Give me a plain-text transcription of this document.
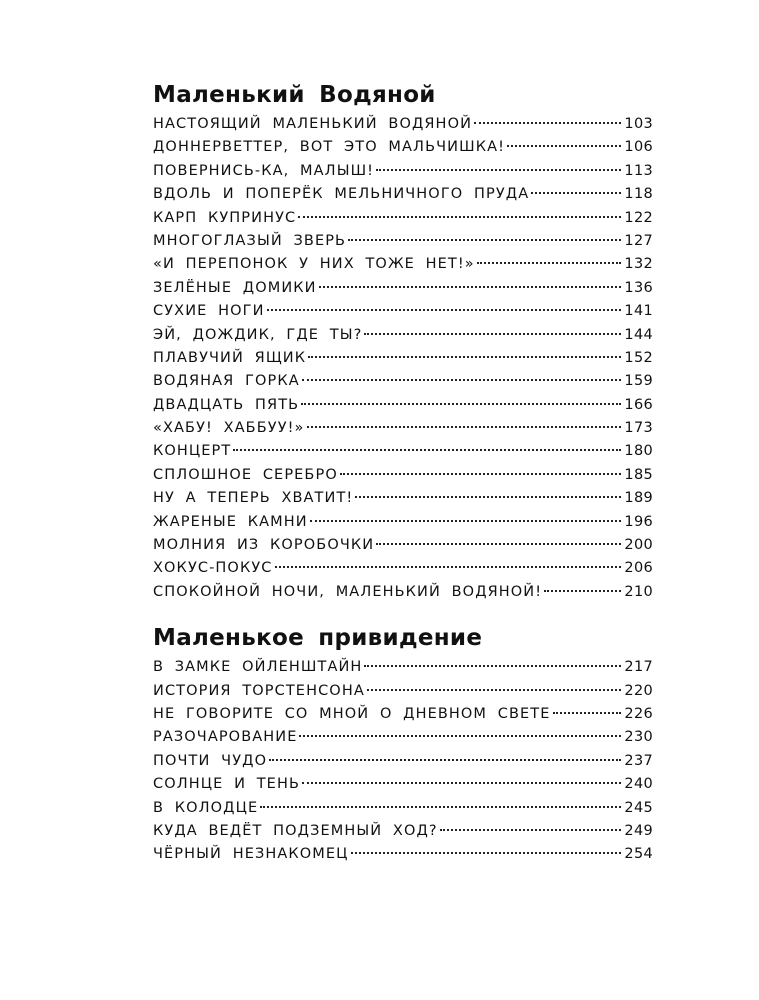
Маленький Водяной
НАСТОЯЩИЙ МАЛЕНЬКИЙ ВОДЯНОЙ	103
ДОННЕРВЕТТЕР, ВОТ ЭТО МАЛЬЧИШКА!	106
ПОВЕРНИСЬ-КА, МАЛЫШ!	113
ВДОЛЬ И ПОПЕРЁК МЕЛЬНИЧНОГО ПРУДА	118
КАРП КУПРИНУС	122
МНОГОГЛАЗЫЙ ЗВЕРЬ	127
«И ПЕРЕПОНОК У НИХ ТОЖЕ НЕТ!»	132
ЗЕЛЁНЫЕ ДОМИКИ	136
СУХИЕ НОГИ	141
ЭЙ, ДОЖДИК, ГДЕ ТЫ?	144
ПЛАВУЧИЙ ЯЩИК	152
ВОДЯНАЯ ГОРКА	159
ДВАДЦАТЬ ПЯТЬ	166
«ХАБУ! ХАББУУ!»	173
КОНЦЕРТ	180
СПЛОШНОЕ СЕРЕБРО	185
НУ А ТЕПЕРЬ ХВАТИТ!	189
ЖАРЕНЫЕ КАМНИ	196
МОЛНИЯ ИЗ КОРОБОЧКИ	200
ХОКУС-ПОКУС	206
СПОКОЙНОЙ НОЧИ, МАЛЕНЬКИЙ ВОДЯНОЙ!	210
Маленькое привидение
В ЗАМКЕ ОЙЛЕНШТАЙН	217
ИСТОРИЯ ТОРСТЕНСОНА	220
НЕ ГОВОРИТЕ СО МНОЙ О ДНЕВНОМ СВЕТЕ	226
РАЗОЧАРОВАНИЕ	230
ПОЧТИ ЧУДО	237
СОЛНЦЕ И ТЕНЬ	240
В КОЛОДЦЕ	245
КУДА ВЕДЁТ ПОДЗЕМНЫЙ ХОД?	249
ЧЁРНЫЙ НЕЗНАКОМЕЦ	254
